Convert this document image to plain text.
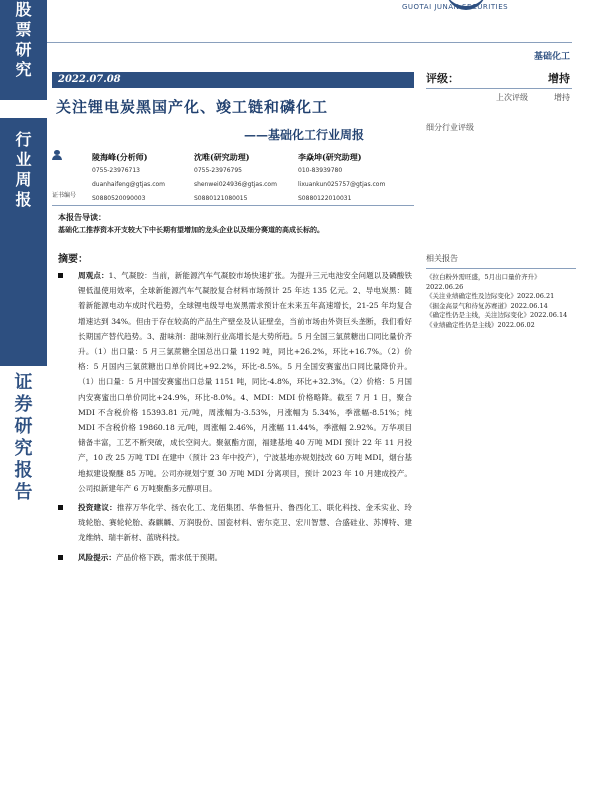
股
票
研
究
行
业
周
报
证
券
研
究
报
告
GUOTAI JUNAN SECURITIES
基础化工
2022.07.08
关注锂电炭黑国产化、竣工链和磷化工
——基础化工行业周报
评级：	增持
上次评级	增持
细分行业评级
陵海峰(分析师)
0755-23976713
duanhaifeng@gtjas.com
S0880520090003
沈唯(研究助理)
0755-23976795
shenwei024936@gtjas.com
S0880121080015
李焱坤(研究助理)
010-83939780
lixuankun025757@gtjas.com
S0880122010031
证书编号
本报告导读：
基础化工推荐资本开支较大下中长期有望增加的龙头企业以及细分赛道的高成长标的。
摘要：
周观点：1、气凝胶：当前，新能源汽车气凝胶市场快速扩张。为提升三元电池安全问题以及磷酸铁锂低温使用效率，全球新能源汽车气凝胶复合材料市场预计 25 年达 135 亿元。2、导电炭黑：随着新能源电动车成时代趋势，全球锂电级导电炭黑需求预计在未来五年高速增长，21-25 年均复合增速达到 34%。但由于存在较高的产品生产壁垒及认证壁垒，当前市场由外资巨头垄断，我们看好长期国产替代趋势。3、甜味剂：甜味剂行业高增长是大势所趋。5 月全国三氯蔗糖出口同比量价齐升。（1）出口量：5 月三氯蔗糖全国总出口量 1192 吨，同比+26.2%，环比+16.7%。（2）价格：5 月国内三氯蔗糖出口单价同比+92.2%，环比-8.5%。5 月全国安赛蜜出口同比量降价升。（1）出口量：5 月中国安赛蜜出口总量 1151 吨，同比-4.8%，环比+32.3%。（2）价格：5 月国内安赛蜜出口单价同比+24.9%，环比-8.0%。4、MDI：MDI 价格略降。截至 7 月 1 日，聚合 MDI 不含税价格 15393.81 元/吨，周涨幅为-3.53%，月涨幅为 5.34%，季涨幅-8.51%；纯 MDI 不含税价格 19860.18 元/吨，周涨幅 2.46%，月涨幅 11.44%，季涨幅 2.92%。万华项目储备丰富，工艺不断突破，成长空间大。聚氨酯方面，福建基地 40 万吨 MDI 预计 22 年 11 月投产，10 改 25 万吨 TDI 在建中（预计 23 年中投产），宁波基地亦规划技改 60 万吨 MDI，烟台基地拟建设聚醚 85 万吨。公司亦规划宁夏 30 万吨 MDI 分离项目，预计 2023 年 10 月建成投产。公司拟新建年产 6 万吨聚酯多元醇项目。
投资建议：推荐万华化学、扬农化工、龙佰集团、华鲁恒升、鲁西化工、联化科技、金禾实业、玲珑轮胎、赛轮轮胎、森麒麟、万润股份、国瓷材料、密尔克卫、宏川智慧、合盛硅业、苏博特、建龙维纳、瑞丰新材、蓝晓科技。
风险提示：产品价格下跌，需求低于预期。
相关报告
《拉白粉外需旺盛，5月出口量价齐升》2022.06.26
《关注业绩确定性及边际变化》2022.06.21
《掘金高景气和待复苏赛道》2022.06.14
《确定性仍是主线，关注边际变化》2022.06.14
《业绩确定性仍是主线》2022.06.02
